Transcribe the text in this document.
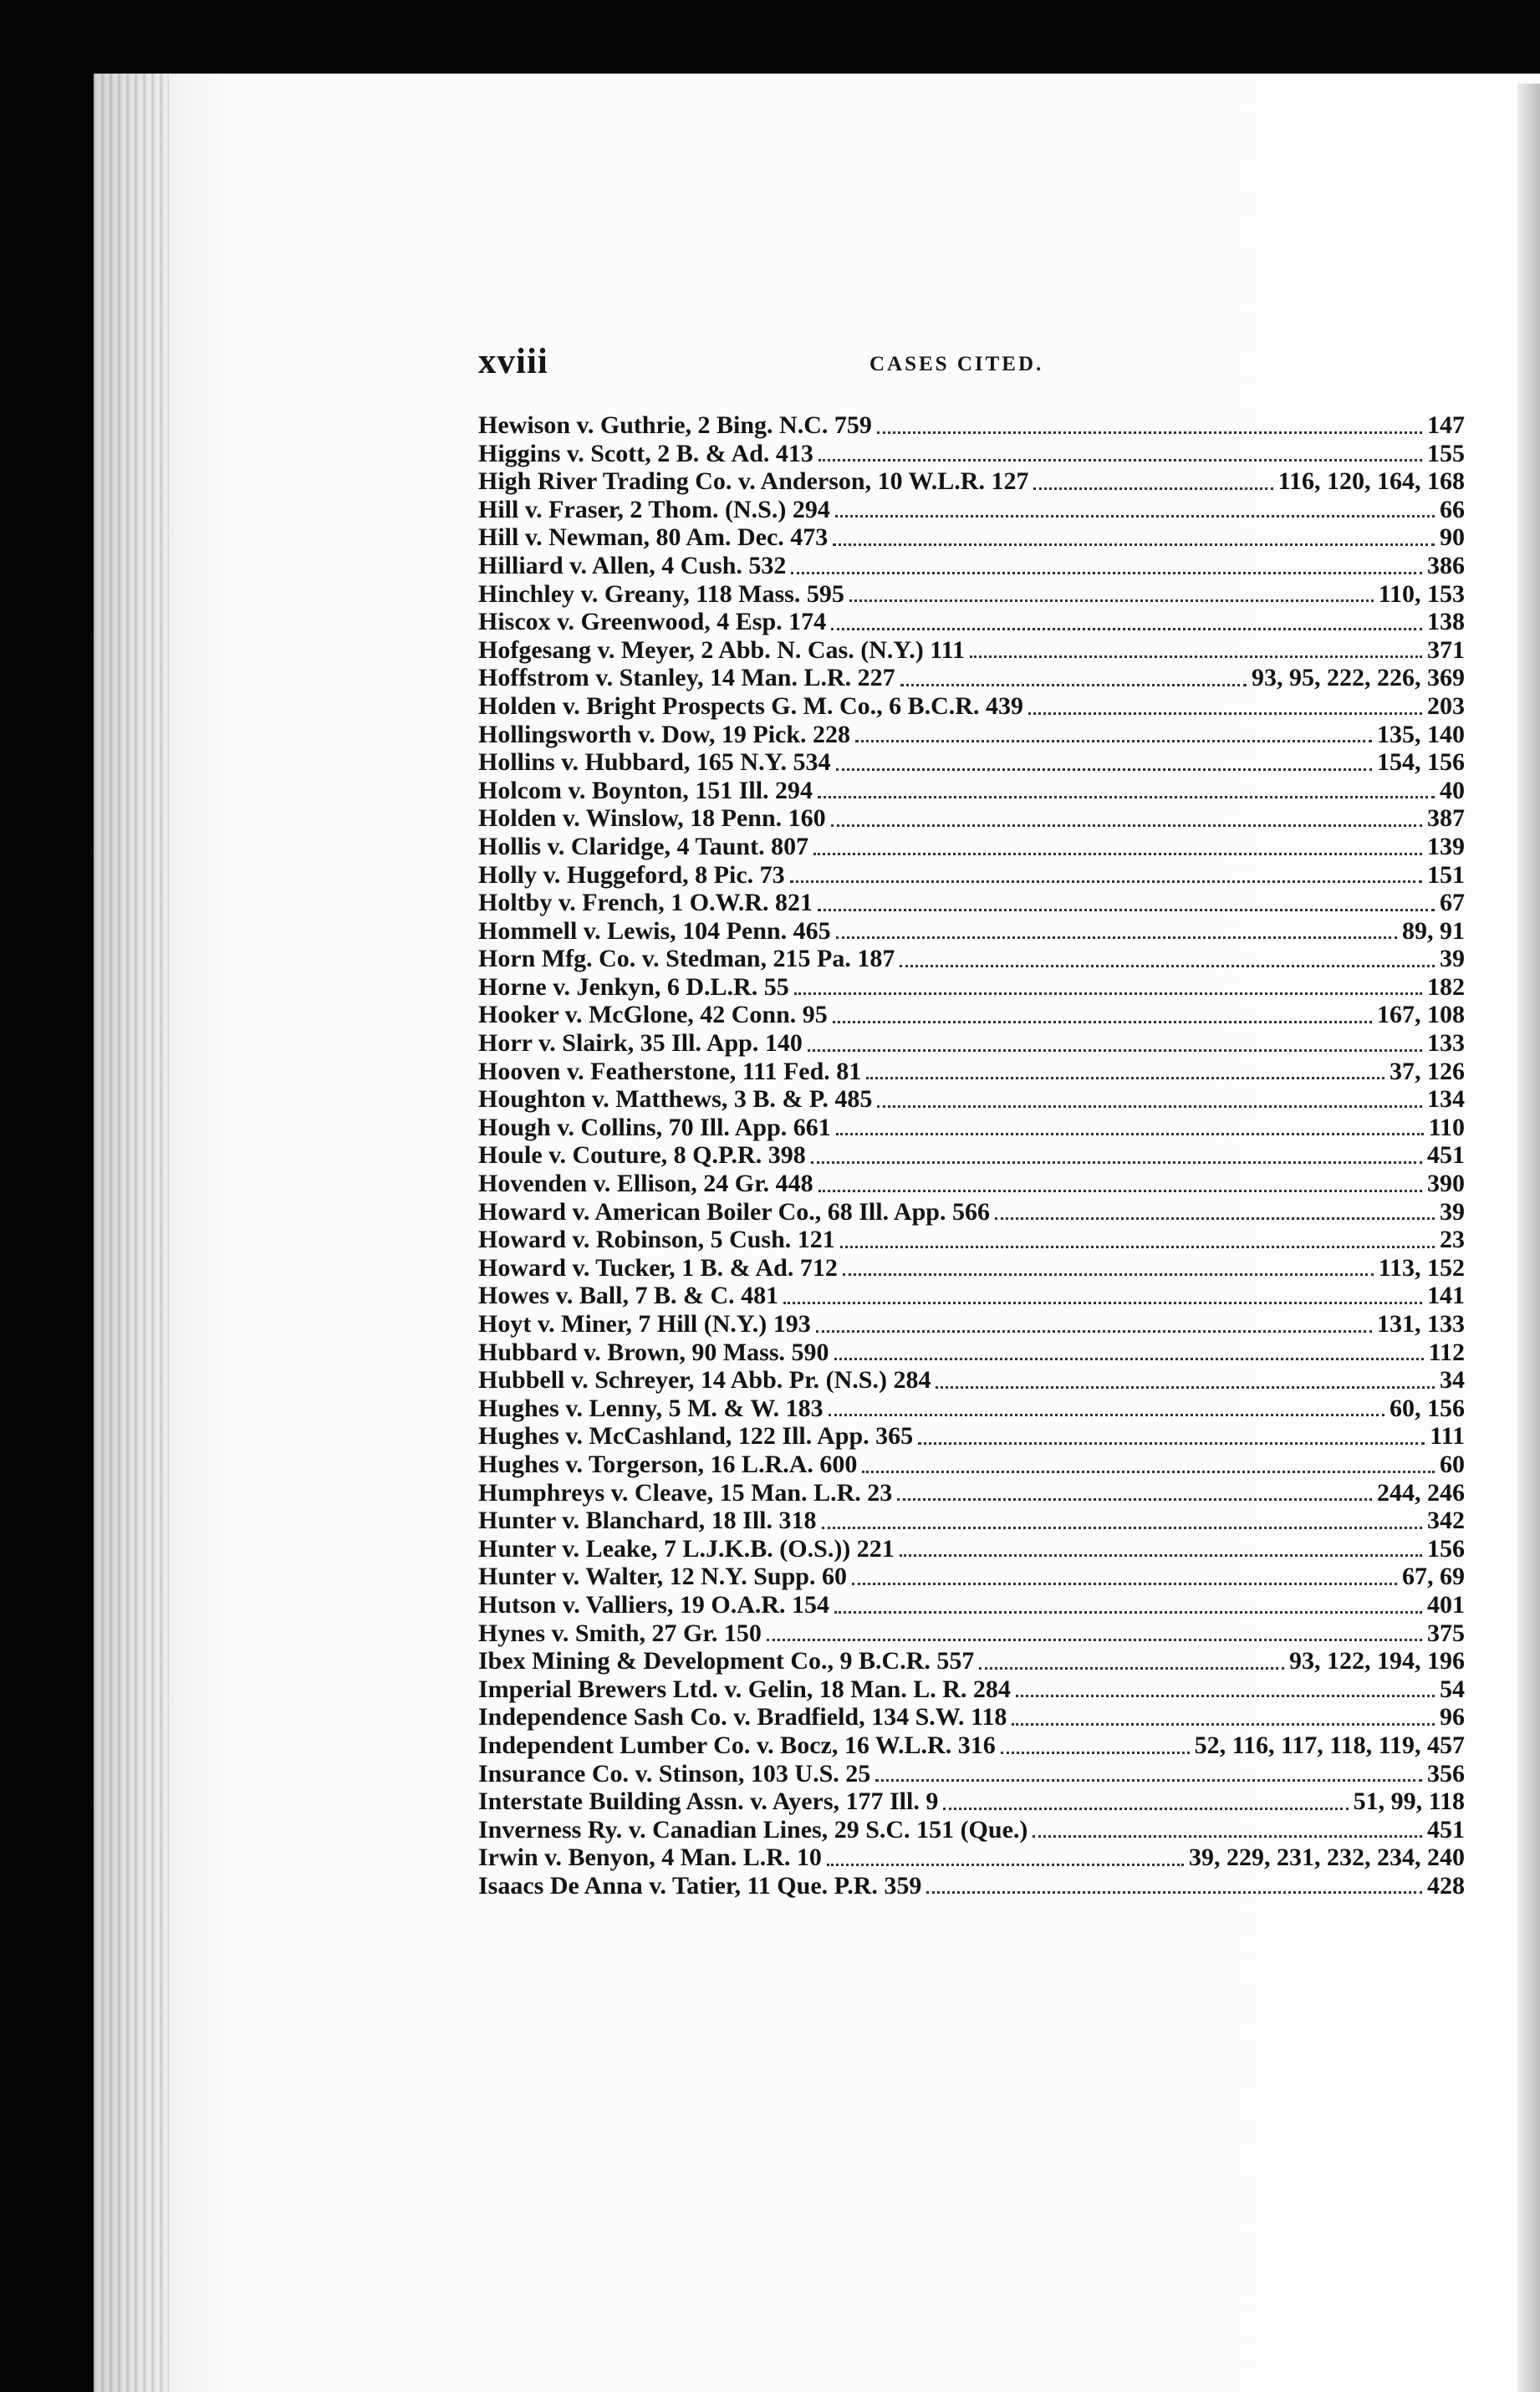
xviii	CASES CITED.
Hewison v. Guthrie, 2 Bing. N.C. 759	147
Higgins v. Scott, 2 B. & Ad. 413	155
High River Trading Co. v. Anderson, 10 W.L.R. 127	116, 120, 164, 168
Hill v. Fraser, 2 Thom. (N.S.) 294	66
Hill v. Newman, 80 Am. Dec. 473	90
Hilliard v. Allen, 4 Cush. 532	386
Hinchley v. Greany, 118 Mass. 595	110, 153
Hiscox v. Greenwood, 4 Esp. 174	138
Hofgesang v. Meyer, 2 Abb. N. Cas. (N.Y.) 111	371
Hoffstrom v. Stanley, 14 Man. L.R. 227	93, 95, 222, 226, 369
Holden v. Bright Prospects G. M. Co., 6 B.C.R. 439	203
Hollingsworth v. Dow, 19 Pick. 228	135, 140
Hollins v. Hubbard, 165 N.Y. 534	154, 156
Holcom v. Boynton, 151 Ill. 294	40
Holden v. Winslow, 18 Penn. 160	387
Hollis v. Claridge, 4 Taunt. 807	139
Holly v. Huggeford, 8 Pic. 73	151
Holtby v. French, 1 O.W.R. 821	67
Hommell v. Lewis, 104 Penn. 465	89, 91
Horn Mfg. Co. v. Stedman, 215 Pa. 187	39
Horne v. Jenkyn, 6 D.L.R. 55	182
Hooker v. McGlone, 42 Conn. 95	167, 108
Horr v. Slairk, 35 Ill. App. 140	133
Hooven v. Featherstone, 111 Fed. 81	37, 126
Houghton v. Matthews, 3 B. & P. 485	134
Hough v. Collins, 70 Ill. App. 661	110
Houle v. Couture, 8 Q.P.R. 398	451
Hovenden v. Ellison, 24 Gr. 448	390
Howard v. American Boiler Co., 68 Ill. App. 566	39
Howard v. Robinson, 5 Cush. 121	23
Howard v. Tucker, 1 B. & Ad. 712	113, 152
Howes v. Ball, 7 B. & C. 481	141
Hoyt v. Miner, 7 Hill (N.Y.) 193	131, 133
Hubbard v. Brown, 90 Mass. 590	112
Hubbell v. Schreyer, 14 Abb. Pr. (N.S.) 284	34
Hughes v. Lenny, 5 M. & W. 183	60, 156
Hughes v. McCashland, 122 Ill. App. 365	111
Hughes v. Torgerson, 16 L.R.A. 600	60
Humphreys v. Cleave, 15 Man. L.R. 23	244, 246
Hunter v. Blanchard, 18 Ill. 318	342
Hunter v. Leake, 7 L.J.K.B. (O.S.)) 221	156
Hunter v. Walter, 12 N.Y. Supp. 60	67, 69
Hutson v. Valliers, 19 O.A.R. 154	401
Hynes v. Smith, 27 Gr. 150	375
Ibex Mining & Development Co., 9 B.C.R. 557	93, 122, 194, 196
Imperial Brewers Ltd. v. Gelin, 18 Man. L. R. 284	54
Independence Sash Co. v. Bradfield, 134 S.W. 118	96
Independent Lumber Co. v. Bocz, 16 W.L.R. 316	52, 116, 117, 118, 119, 457
Insurance Co. v. Stinson, 103 U.S. 25	356
Interstate Building Assn. v. Ayers, 177 Ill. 9	51, 99, 118
Inverness Ry. v. Canadian Lines, 29 S.C. 151 (Que.)	451
Irwin v. Benyon, 4 Man. L.R. 10	39, 229, 231, 232, 234, 240
Isaacs De Anna v. Tatier, 11 Que. P.R. 359	428
